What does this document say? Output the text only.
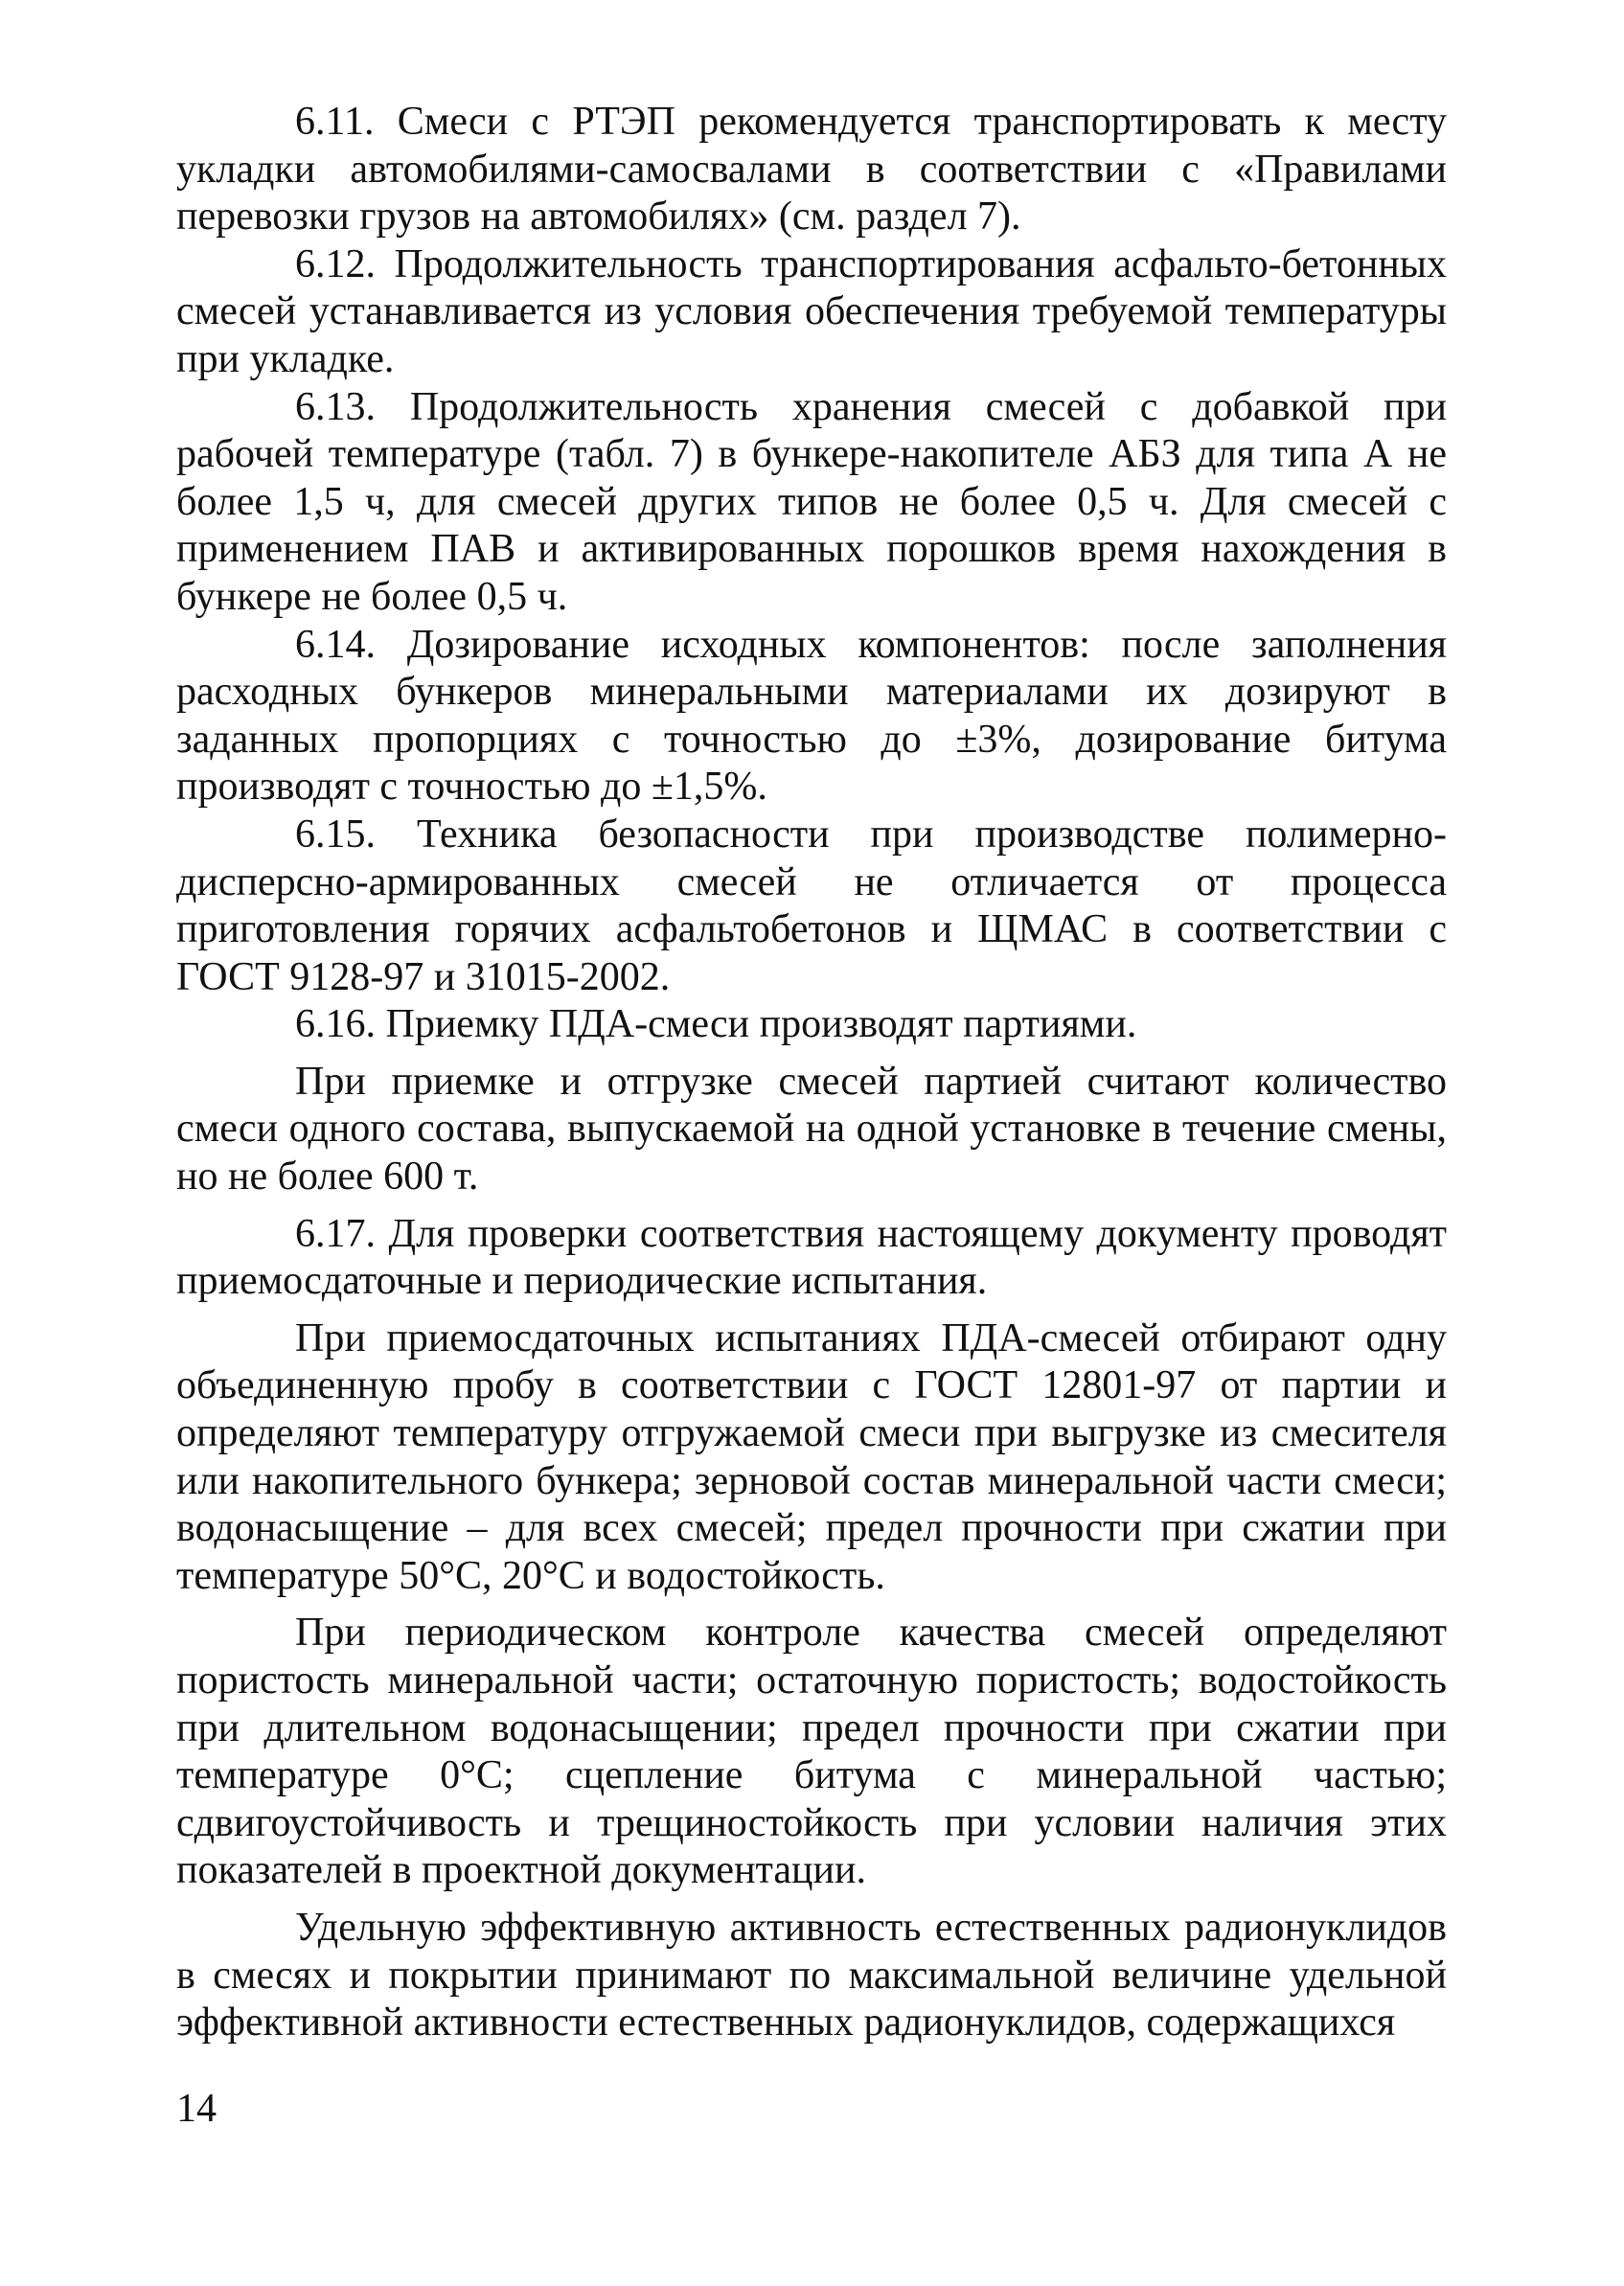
6.11. Смеси с РТЭП рекомендуется транспортировать к месту укладки автомобилями-самосвалами в соответствии с «Правилами перевозки грузов на автомобилях» (см. раздел 7).

6.12. Продолжительность транспортирования асфальто-бетонных смесей устанавливается из условия обеспечения требуемой температуры при укладке.

6.13. Продолжительность хранения смесей с добавкой при рабочей температуре (табл. 7) в бункере-накопителе АБЗ для типа А не более 1,5 ч, для смесей других типов не более 0,5 ч. Для смесей с применением ПАВ и активированных порошков время нахождения в бункере не более 0,5 ч.

6.14. Дозирование исходных компонентов: после заполнения расходных бункеров минеральными материалами их дозируют в заданных пропорциях с точностью до ±3%, дозирование битума производят с точностью до ±1,5%.

6.15. Техника безопасности при производстве полимерно-дисперсно-армированных смесей не отличается от процесса приготовления горячих асфальтобетонов и ЩМАС в соответствии с ГОСТ 9128-97 и 31015-2002.

6.16. Приемку ПДА-смеси производят партиями.

При приемке и отгрузке смесей партией считают количество смеси одного состава, выпускаемой на одной установке в течение смены, но не более 600 т.

6.17. Для проверки соответствия настоящему документу проводят приемосдаточные и периодические испытания.

При приемосдаточных испытаниях ПДА-смесей отбирают одну объединенную пробу в соответствии с ГОСТ 12801-97 от партии и определяют температуру отгружаемой смеси при выгрузке из смесителя или накопительного бункера; зерновой состав минеральной части смеси; водонасыщение – для всех смесей; предел прочности при сжатии при температуре 50°С, 20°С и водостойкость.

При периодическом контроле качества смесей определяют пористость минеральной части; остаточную пористость; водостойкость при длительном водонасыщении; предел прочности при сжатии при температуре 0°С; сцепление битума с минеральной частью; сдвигоустойчивость и трещиностойкость при условии наличия этих показателей в проектной документации.

Удельную эффективную активность естественных радионуклидов в смесях и покрытии принимают по максимальной величине удельной эффективной активности естественных радионуклидов, содержащихся

14
